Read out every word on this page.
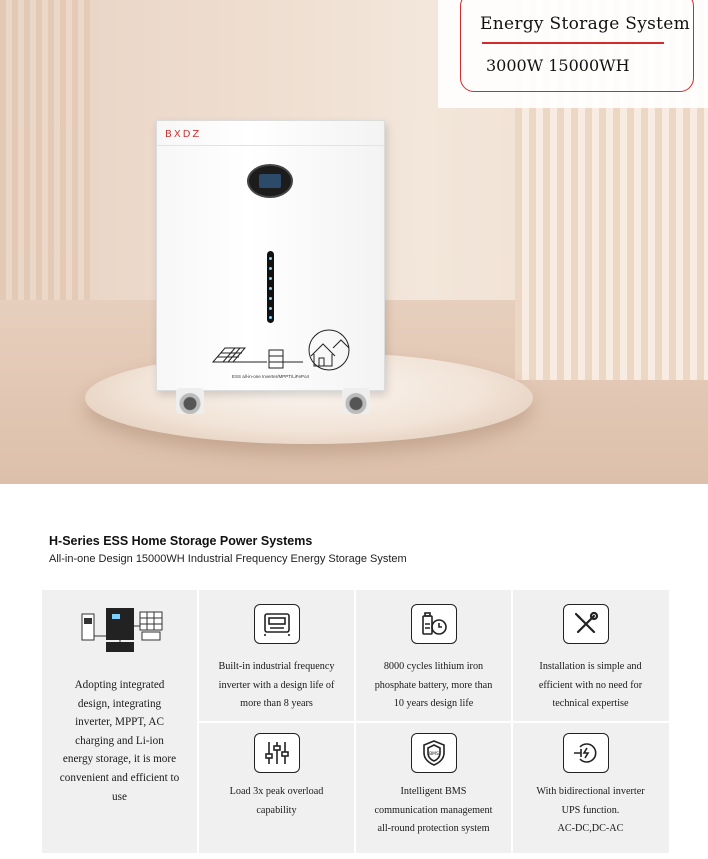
Energy Storage System
3000W 15000WH
BXDZ
ESS all-in-one Inverter/MPPT/LiFePo4
H-Series ESS Home Storage Power Systems
All-in-one Design 15000WH Industrial Frequency Energy Storage System
Adopting integrated
design, integrating
inverter, MPPT, AC
charging and Li-ion
energy storage, it is more
convenient and efficient to
use
Built-in industrial frequency
inverter with a design life of
more than 8 years
8000 cycles lithium iron
phosphate battery, more than
10 years design life
Installation is simple and
efficient with no need for
technical expertise
Load 3x peak overload
capability
BMS
Intelligent BMS
communication management
all-round protection system
With bidirectional inverter
UPS function.
AC-DC,DC-AC
